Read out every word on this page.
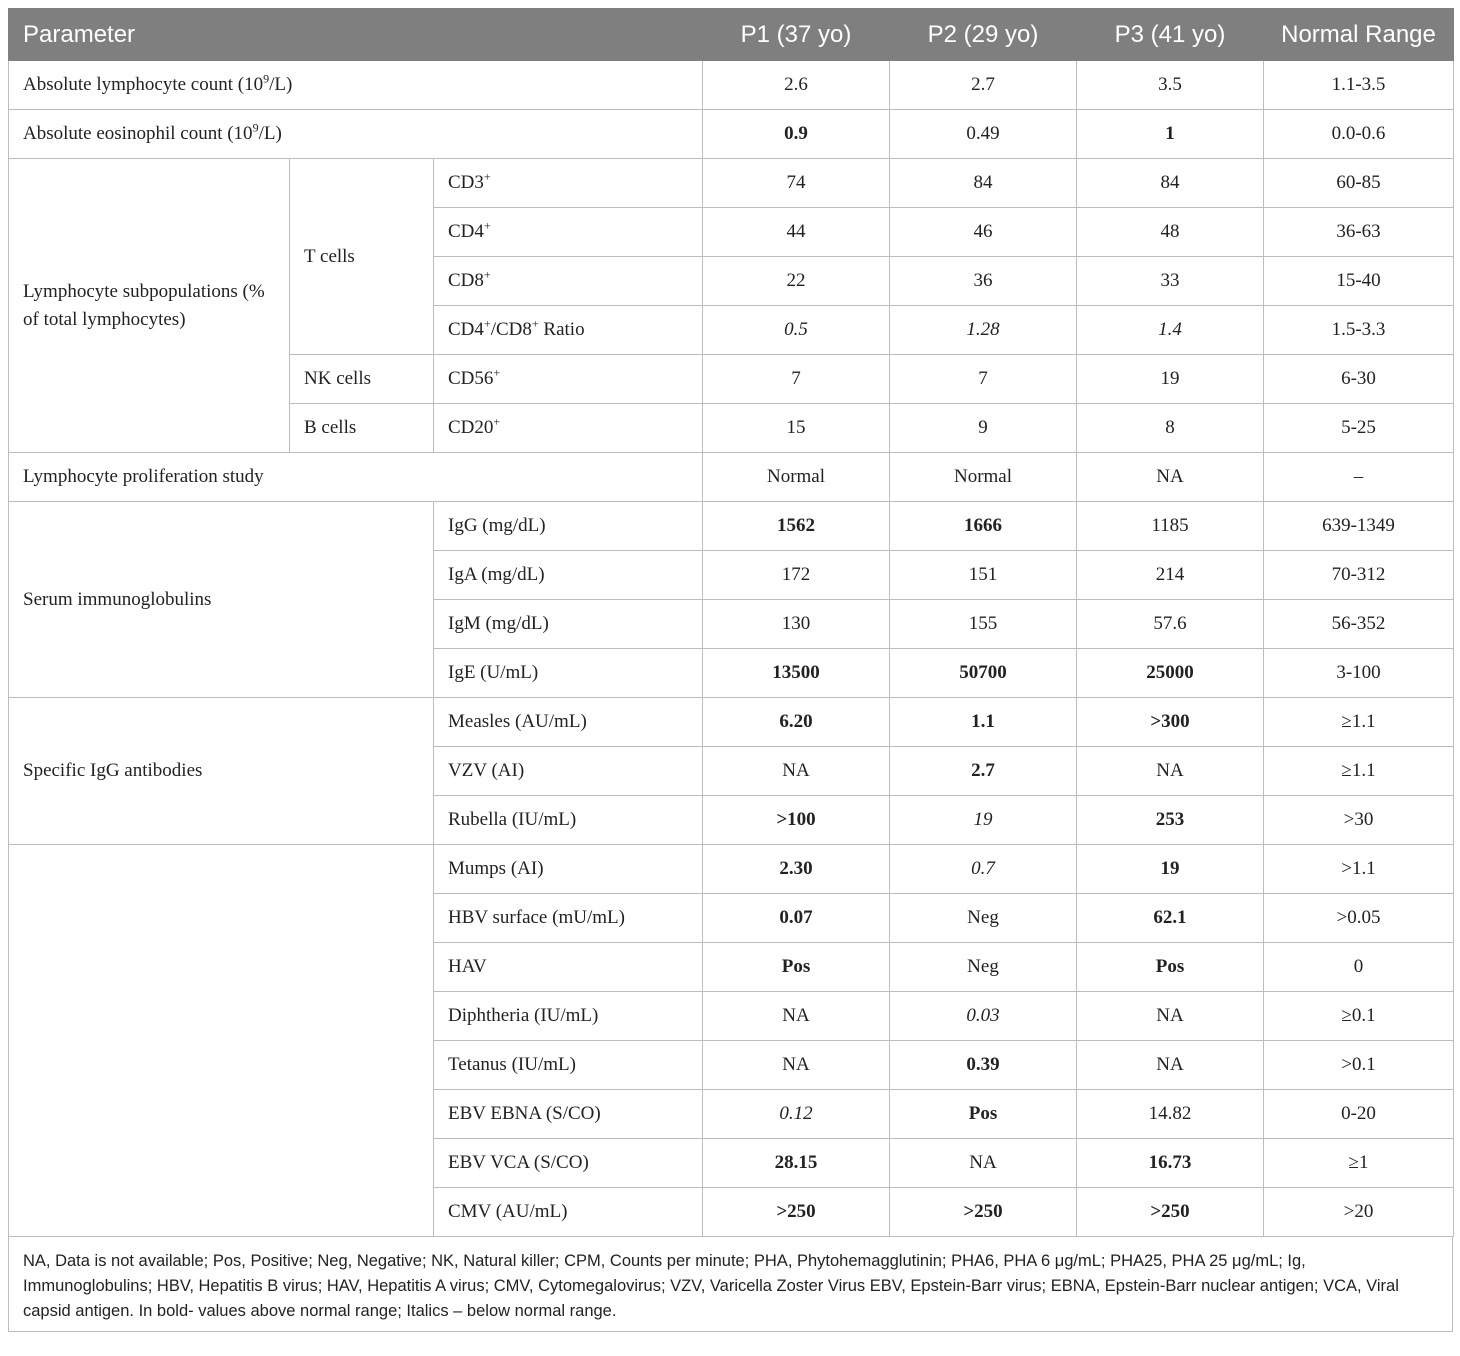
Parameter			P1 (37 yo)	P2 (29 yo)	P3 (41 yo)	Normal Range
Absolute lymphocyte count $(10^9/L)$			2.6	2.7	3.5	1.1-3.5
Absolute eosinophil count $(10^9/L)$			0.9	0.49	1	0.0-0.6
Lymphocyte subpopulations (% of total lymphocytes)	T cells	CD3+	74	84	84	60-85
		CD4+	44	46	48	36-63
		CD8+	22	36	33	15-40
		CD4+/CD8+ Ratio	0.5	1.28	1.4	1.5-3.3
	NK cells	CD56+	7	7	19	6-30
	B cells	CD20+	15	9	8	5-25
Lymphocyte proliferation study			Normal	Normal	NA	–
Serum immunoglobulins		IgG (mg/dL)	1562	1666	1185	639-1349
		IgA (mg/dL)	172	151	214	70-312
		IgM (mg/dL)	130	155	57.6	56-352
		IgE (U/mL)	13500	50700	25000	3-100
Specific IgG antibodies		Measles (AU/mL)	6.20	1.1	>300	≥1.1
		VZV (AI)	NA	2.7	NA	≥1.1
		Rubella (IU/mL)	>100	19	253	>30
		Mumps (AI)	2.30	0.7	19	>1.1
		HBV surface (mU/mL)	0.07	Neg	62.1	>0.05
		HAV	Pos	Neg	Pos	0
		Diphtheria (IU/mL)	NA	0.03	NA	≥0.1
		Tetanus (IU/mL)	NA	0.39	NA	>0.1
		EBV EBNA (S/CO)	0.12	Pos	14.82	0-20
		EBV VCA (S/CO)	28.15	NA	16.73	≥1
		CMV (AU/mL)	>250	>250	>250	>20
NA, Data is not available; Pos, Positive; Neg, Negative; NK, Natural killer; CPM, Counts per minute; PHA, Phytohemagglutinin; PHA6, PHA 6 μg/mL; PHA25, PHA 25 μg/mL; Ig, Immunoglobulins; HBV, Hepatitis B virus; HAV, Hepatitis A virus; CMV, Cytomegalovirus; VZV, Varicella Zoster Virus EBV, Epstein-Barr virus; EBNA, Epstein-Barr nuclear antigen; VCA, Viral capsid antigen. In bold- values above normal range; Italics – below normal range.
